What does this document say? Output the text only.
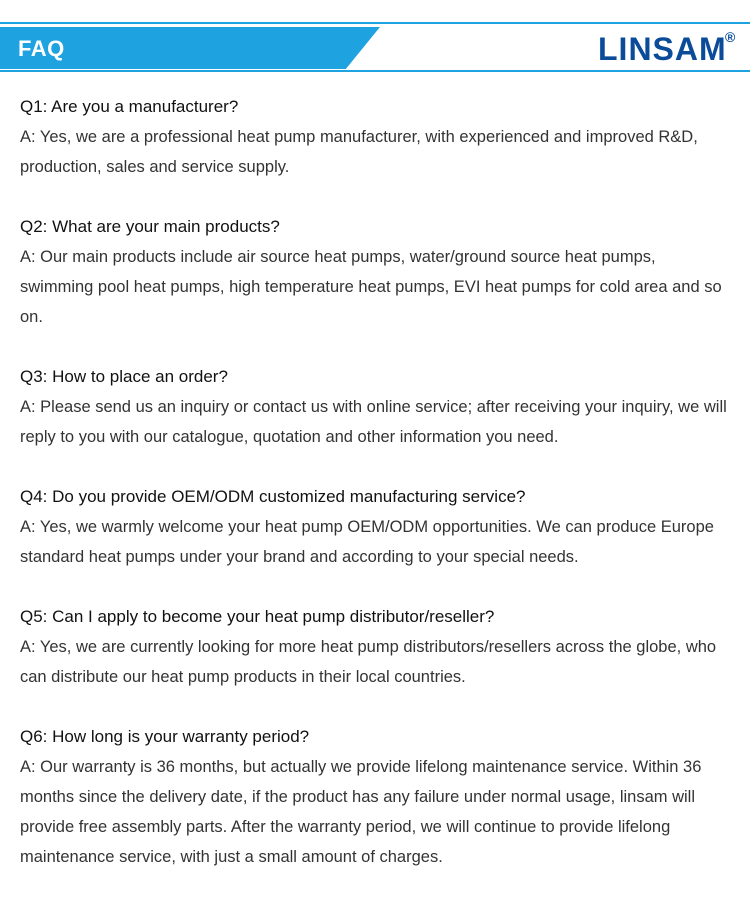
FAQ	LINSAM
®
Q1: Are you a manufacturer?
A: Yes, we are a professional heat pump manufacturer, with experienced and improved R&D, production, sales and service supply.
Q2: What are your main products?
A: Our main products include air source heat pumps, water/ground source heat pumps, swimming pool heat pumps, high temperature heat pumps, EVI heat pumps for cold area and so on.
Q3: How to place an order?
A: Please send us an inquiry or contact us with online service; after receiving your inquiry, we will reply to you with our catalogue, quotation and other information you need.
Q4: Do you provide OEM/ODM customized manufacturing service?
A: Yes, we warmly welcome your heat pump OEM/ODM opportunities. We can produce Europe standard heat pumps under your brand and according to your special needs.
Q5: Can I apply to become your heat pump distributor/reseller?
A: Yes, we are currently looking for more heat pump distributors/resellers across the globe, who can distribute our heat pump products in their local countries.
Q6: How long is your warranty period?
A: Our warranty is 36 months, but actually we provide lifelong maintenance service. Within 36 months since the delivery date, if the product has any failure under normal usage, linsam will provide free assembly parts. After the warranty period, we will continue to provide lifelong maintenance service, with just a small amount of charges.
